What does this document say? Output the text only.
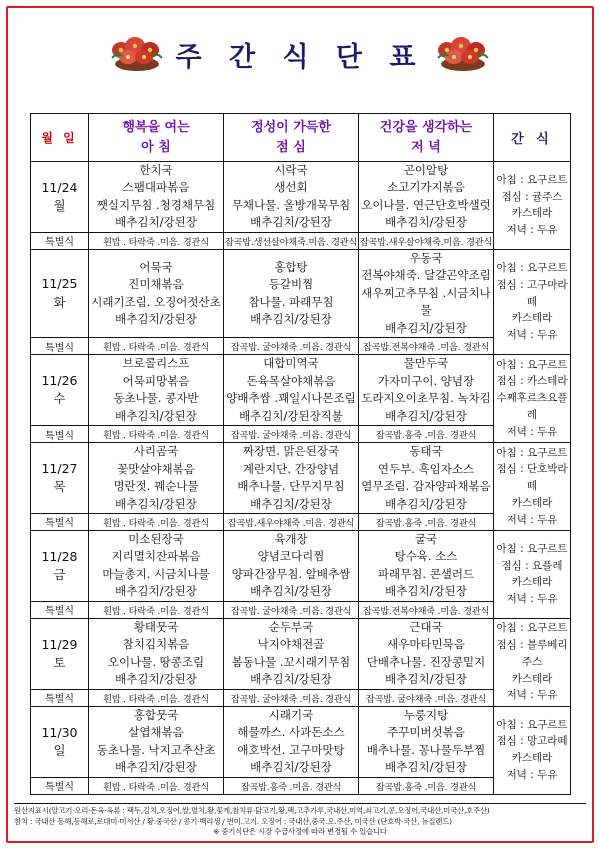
주 간 식 단 표
월 일	
행복을 여는
아 침

정성이 가득한
점 심

건강을 생각하는
저 녁	간 식

11/24
월

한치국
스팸대파볶음
쨋실지무침 .청경채무침
배추김치/강된장

시락국
생선회
무채나물. 올방개묵무침
배추김치/강된장

곤이알탕
소고기가지볶음
오이나물. 연근단호박샐럿
배추김치/강된장

아침 : 요구르트
점심 : 귤주스
카스테라
저녁 : 두유

특별식	흰밥 . 타락죽 .미음. 경관식	잡곡밥.생선살야채죽.미음. 경관식	잡곡밥.새우살야채죽.미음. 경관식	

11/25
화

어묵국
진미채볶음
시래기조림. 오징어젓산초
배추김치/강된장

홍합탕
등갈비찜
참나물. 파래무침
배추김치/강된장

우동국
전복야채죽. 달걀곤약조림
새우찌고추무침 .시금치나물
배추김치/강된장

아침 : 요구르트
점심 : 고구마라떼
카스테라
저녁 : 두유

특별식	흰밥 . 타락죽 .미음. 경관식	잡곡밥. 굴야채죽 .미음. 경관식	잡곡밥.전복야채죽 .미음. 경관식	

11/26
수

브로콜리스프
어묵피망볶음
동초나물. 콩자반
배추김치/강된장

대합미역국
돈육목살야채볶음
양배추쌈 .꽤일시나몬조림
배추김치/강된장직불

물만두국
가자미구이. 양념장
도라지오이초무침. 녹차김
배추김치/강된장

아침 : 요구르트
점심 : 카스테라
수째후르츠요플레
저녁 : 두유

특별식	흰밥 . 타락죽 .미음. 경관식	잡곡밥. 굴야채죽 .미음. 경관식	잡곡밥.홍죽 .미음. 경관식	

11/27
목

사리곰국
꽃맛살야채볶음
명란젓. 꿰순나물
배추김치/강된장

짜장면. 맑은된장국
계란지단. 간장양념
배추나물. 단무지무침
배추김치/강된장

동태국
연두부. 흑임자소스
열무조림. 감자양파채볶음
배추김치/강된장

아침 : 요구르트
점심 : 단호박라떼
카스테라
저녁 : 두유

특별식	흰밥 . 타락죽 .미음. 경관식	잡곡밥.새우야채죽 .미음. 경관식	잡곡밥.홍죽 .미음. 경관식	

11/28
금

미소된장국
지리멸치잔파볶음
마늘총지. 시금치나물
배추김치/강된장

육개장
양념코다리찜
양파간장무침. 알배추쌈
배추김치/강된장

굴국
탕수육. 소스
파래무침. 콘샐러드
배추김치/강된장

아침 : 요구르트
점심 : 요플레
카스테라
저녁 : 두유

특별식	흰밥 . 타락죽 .미음. 경관식	잡곡밥. 굴야채죽 .미음. 경관식	잡곡밥.전복야채죽 .미음. 경관식	

11/29
토

황태뭇국
참치김치볶음
오이나물. 땅콩조림
배추김치/강된장

순두부국
낙지야채전골
봄동나물 .꼬시래기무침
배추김치/강된장

근대국
새우마타민묵음
단배추나물. 진장콩밑지
배추김치/강된장

아침 : 요구르트
점심 : 블루베리주스
카스테라
저녁 : 두유

특별식	흰밥 . 타락죽 .미음. 경관식	잡곡밥. 굴야채죽 .미음. 경관식	잡곡밥. 굴야채죽 .미음. 경관식	

11/30
일

홍합뭇국
살엽채볶음
동초나물. 낙지고추산초
배추김치/강된장

시래기국
해물까스. 사과돈소스
애호박선. 고구마맛탕
배추김치/강된장

누룽지탕
주꾸미버섯볶음
배추나물. 꽁나물두부찜
배추김치/강된장

아침 : 요구르트
점심 : 망고라떼
카스테라
저녁 : 두유

특별식	흰밥 . 타락죽 .미음. 경관식	잡곡밥.홍죽 .미음. 경관식	잡곡밥.홍죽 .미음. 경관식	
원산지표시(알고기·오리·돈육·육류 : 팩두,김치,오징어,쌀,멸치,황,꽃게,참치류·닭고기,황,팩,고추가루,국내산,미역,쇠고기,콩,오징어,국내산,미국산,호주산)
참치 : 국내산 동해,동해로,로대미·미서산 / 황.중국산 / 콩기·백리생 / 번미.고기. 오징어 : 국내산,중국.오.주산, 미국산 (단호박·국산, 뉴질랜드)
※ 중기식단은 시장 수급사정에 따라 변경될 수 있습니다
